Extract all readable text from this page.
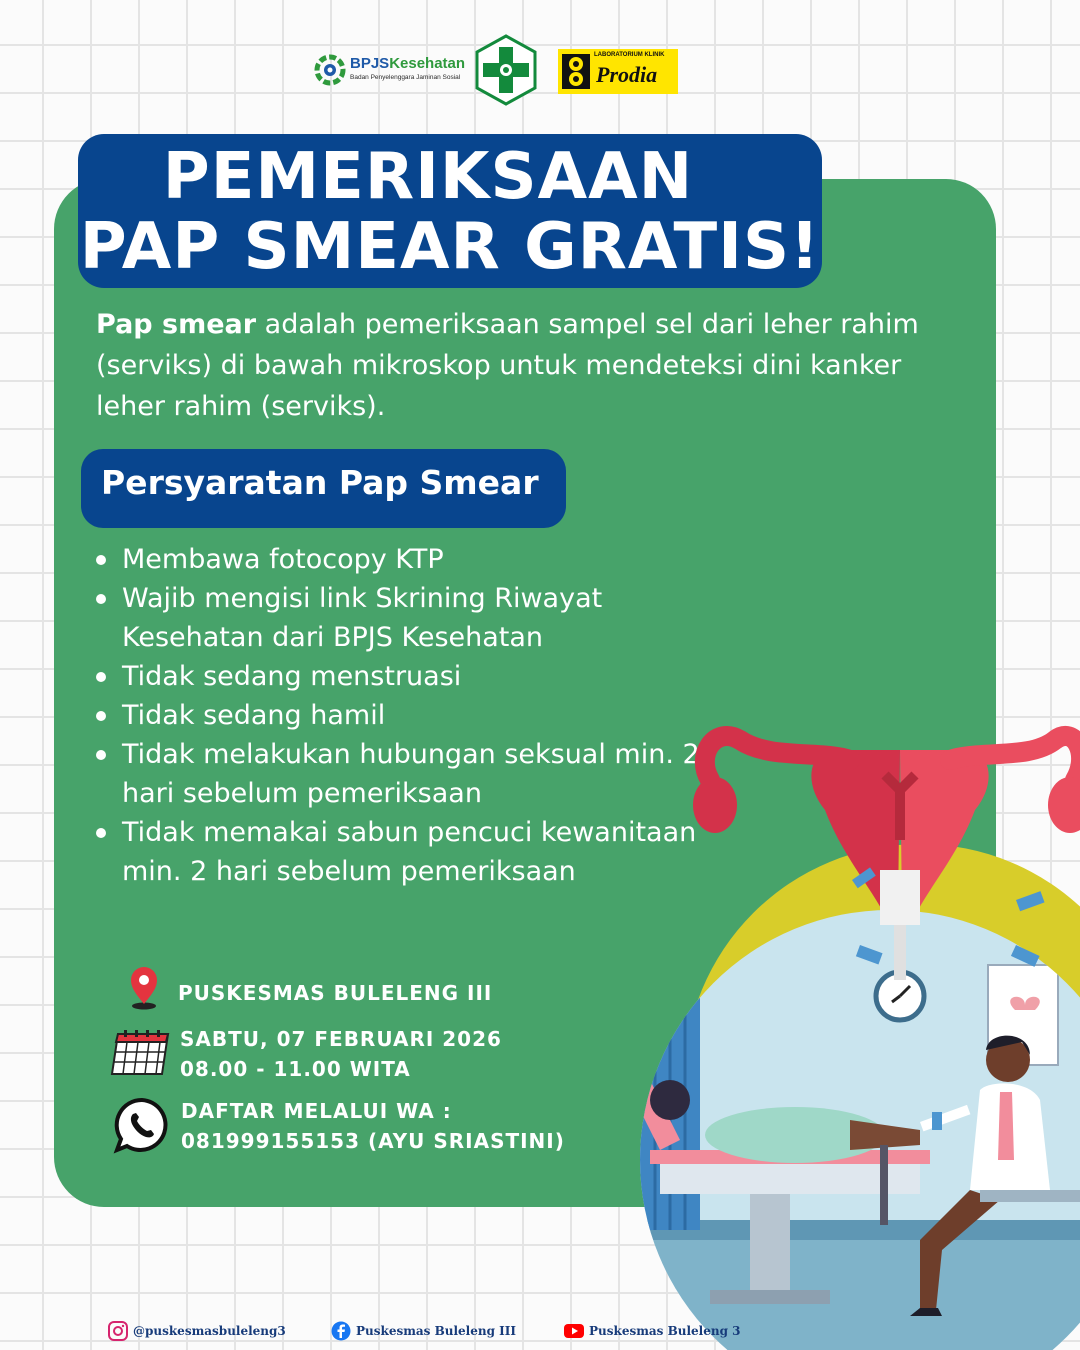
BPJSKesehatan
Badan Penyelenggara Jaminan Sosial
LABORATORIUM KLINIK
Prodia
PEMERIKSAAN
PAP SMEAR GRATIS!
Pap smear adalah pemeriksaan sampel sel dari leher rahim (serviks) di bawah mikroskop untuk mendeteksi dini kanker leher rahim (serviks).
Persyaratan Pap Smear
Membawa fotocopy KTP
Wajib mengisi link Skrining Riwayat Kesehatan dari BPJS Kesehatan
Tidak sedang menstruasi
Tidak sedang hamil
Tidak melakukan hubungan seksual min. 2 hari sebelum pemeriksaan
Tidak memakai sabun pencuci kewanitaan min. 2 hari sebelum pemeriksaan
PUSKESMAS BULELENG III
SABTU, 07 FEBRUARI 2026
08.00 - 11.00 WITA
DAFTAR MELALUI WA :
081999155153 (AYU SRIASTINI)
@puskesmasbuleleng3	Puskesmas Buleleng III	Puskesmas Buleleng 3
